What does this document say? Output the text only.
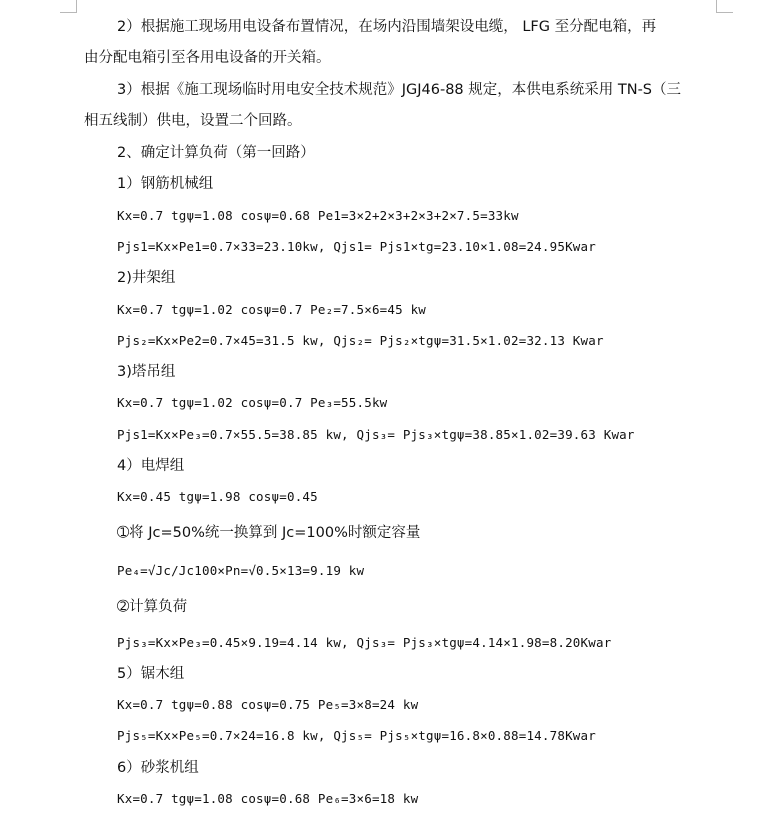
2）根据施工现场用电设备布置情况，在场内沿围墙架设电缆， LFG 至分配电箱，再
由分配电箱引至各用电设备的开关箱。
3）根据《施工现场临时用电安全技术规范》JGJ46-88 规定，本供电系统采用 TN-S（三
相五线制）供电，设置二个回路。
2、确定计算负荷（第一回路）
1）钢筋机械组
Kx=0.7 tgψ=1.08 cosψ=0.68 Pe1=3×2+2×3+2×3+2×7.5=33kw
Pjs1=Kx×Pe1=0.7×33=23.10kw, Qjs1= Pjs1×tg=23.10×1.08=24.95Kwar
2)井架组
Kx=0.7 tgψ=1.02 cosψ=0.7 Pe₂=7.5×6=45 kw
Pjs₂=Kx×Pe2=0.7×45=31.5 kw, Qjs₂= Pjs₂×tgψ=31.5×1.02=32.13 Kwar
3)塔吊组
Kx=0.7 tgψ=1.02 cosψ=0.7 Pe₃=55.5kw
Pjs1=Kx×Pe₃=0.7×55.5=38.85 kw, Qjs₃= Pjs₃×tgψ=38.85×1.02=39.63 Kwar
4）电焊组
Kx=0.45 tgψ=1.98 cosψ=0.45
➀将 Jc=50%统一换算到 Jc=100%时额定容量
Pe₄=√Jc/Jc100×Pn=√0.5×13=9.19 kw
➁计算负荷
Pjs₃=Kx×Pe₃=0.45×9.19=4.14 kw, Qjs₃= Pjs₃×tgψ=4.14×1.98=8.20Kwar
5）锯木组
Kx=0.7 tgψ=0.88 cosψ=0.75 Pe₅=3×8=24 kw
Pjs₅=Kx×Pe₅=0.7×24=16.8 kw, Qjs₅= Pjs₅×tgψ=16.8×0.88=14.78Kwar
6）砂浆机组
Kx=0.7 tgψ=1.08 cosψ=0.68 Pe₆=3×6=18 kw
